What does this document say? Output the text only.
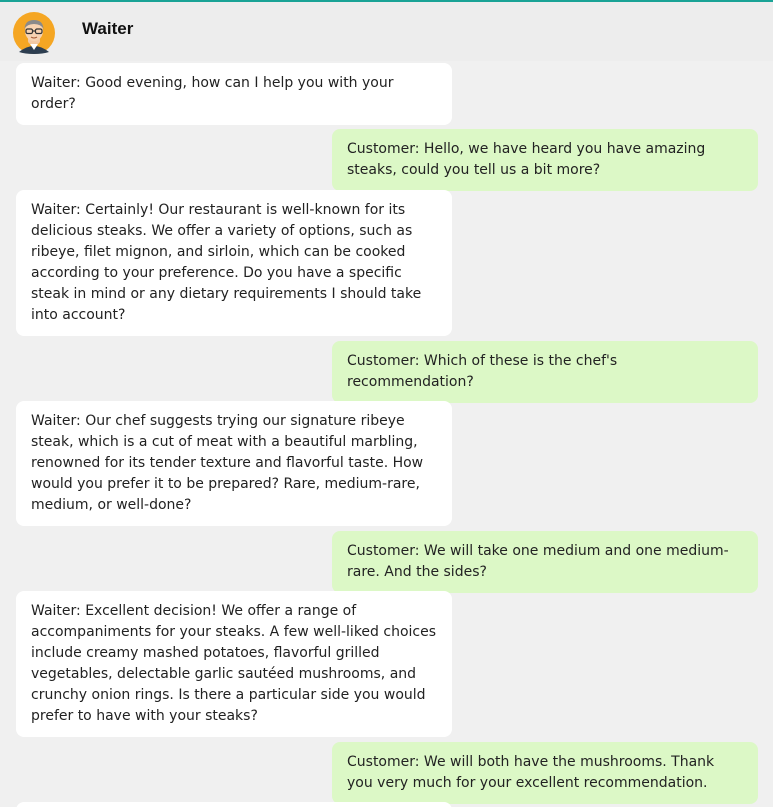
Waiter
Waiter: Good evening, how can I help you with your order?
Customer: Hello, we have heard you have amazing steaks, could you tell us a bit more?
Waiter: Certainly! Our restaurant is well-known for its delicious steaks. We offer a variety of options, such as ribeye, filet mignon, and sirloin, which can be cooked according to your preference. Do you have a specific steak in mind or any dietary requirements I should take into account?
Customer: Which of these is the chef's recommendation?
Waiter: Our chef suggests trying our signature ribeye steak, which is a cut of meat with a beautiful marbling, renowned for its tender texture and flavorful taste. How would you prefer it to be prepared? Rare, medium-rare, medium, or well-done?
Customer: We will take one medium and one medium-rare. And the sides?
Waiter: Excellent decision! We offer a range of accompaniments for your steaks. A few well-liked choices include creamy mashed potatoes, flavorful grilled vegetables, delectable garlic sautéed mushrooms, and crunchy onion rings. Is there a particular side you would prefer to have with your steaks?
Customer: We will both have the mushrooms. Thank you very much for your excellent recommendation.
